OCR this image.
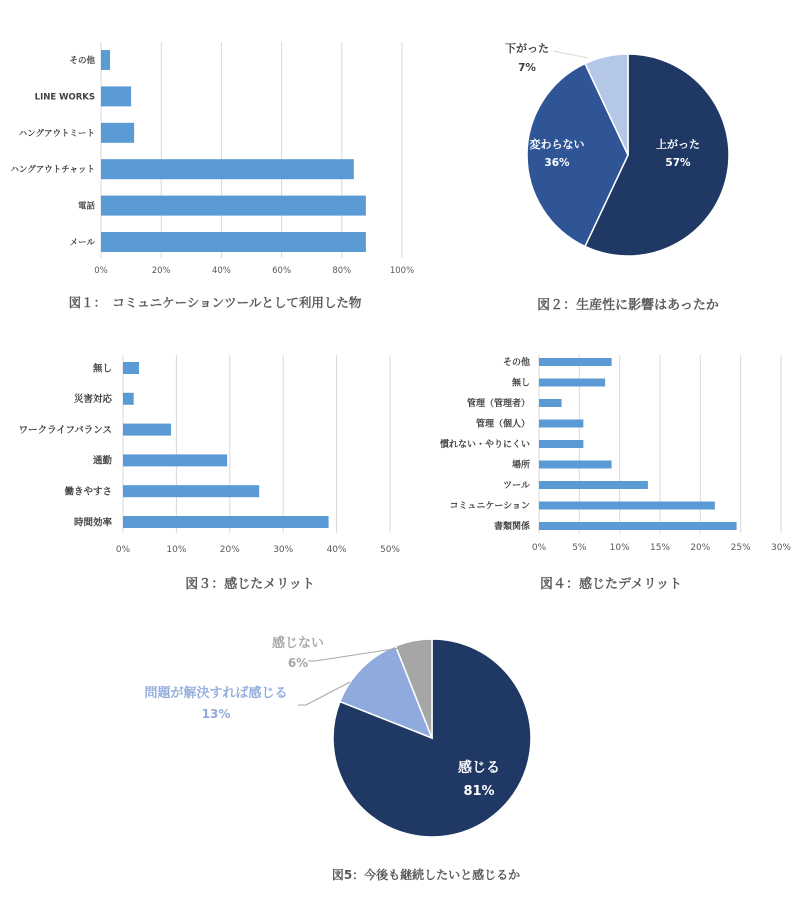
その他
LINE WORKS
ハングアウトミート
ハングアウトチャット
電話
メール
0%	20%	40%	60%	80%	100%
図１：　コミュニケーションツールとして利用した物
変わらない
36%
上がった
57%
下がった
7%
図２：生産性に影響はあったか
無し
災害対応
ワークライフバランス
通勤
働きやすさ
時間効率
0%	10%	20%	30%	40%	50%
図３：感じたメリット
その他
無し
管理（管理者）
管理（個人）
慣れない・やりにくい
場所
ツール
コミュニケーション
書類関係
0%	5%	10% 15% 20% 25% 30%
図４：感じたデメリット
感じない
6%
問題が解決すれば感じる
13%
感じる
81%
図5：今後も継続したいと感じるか
